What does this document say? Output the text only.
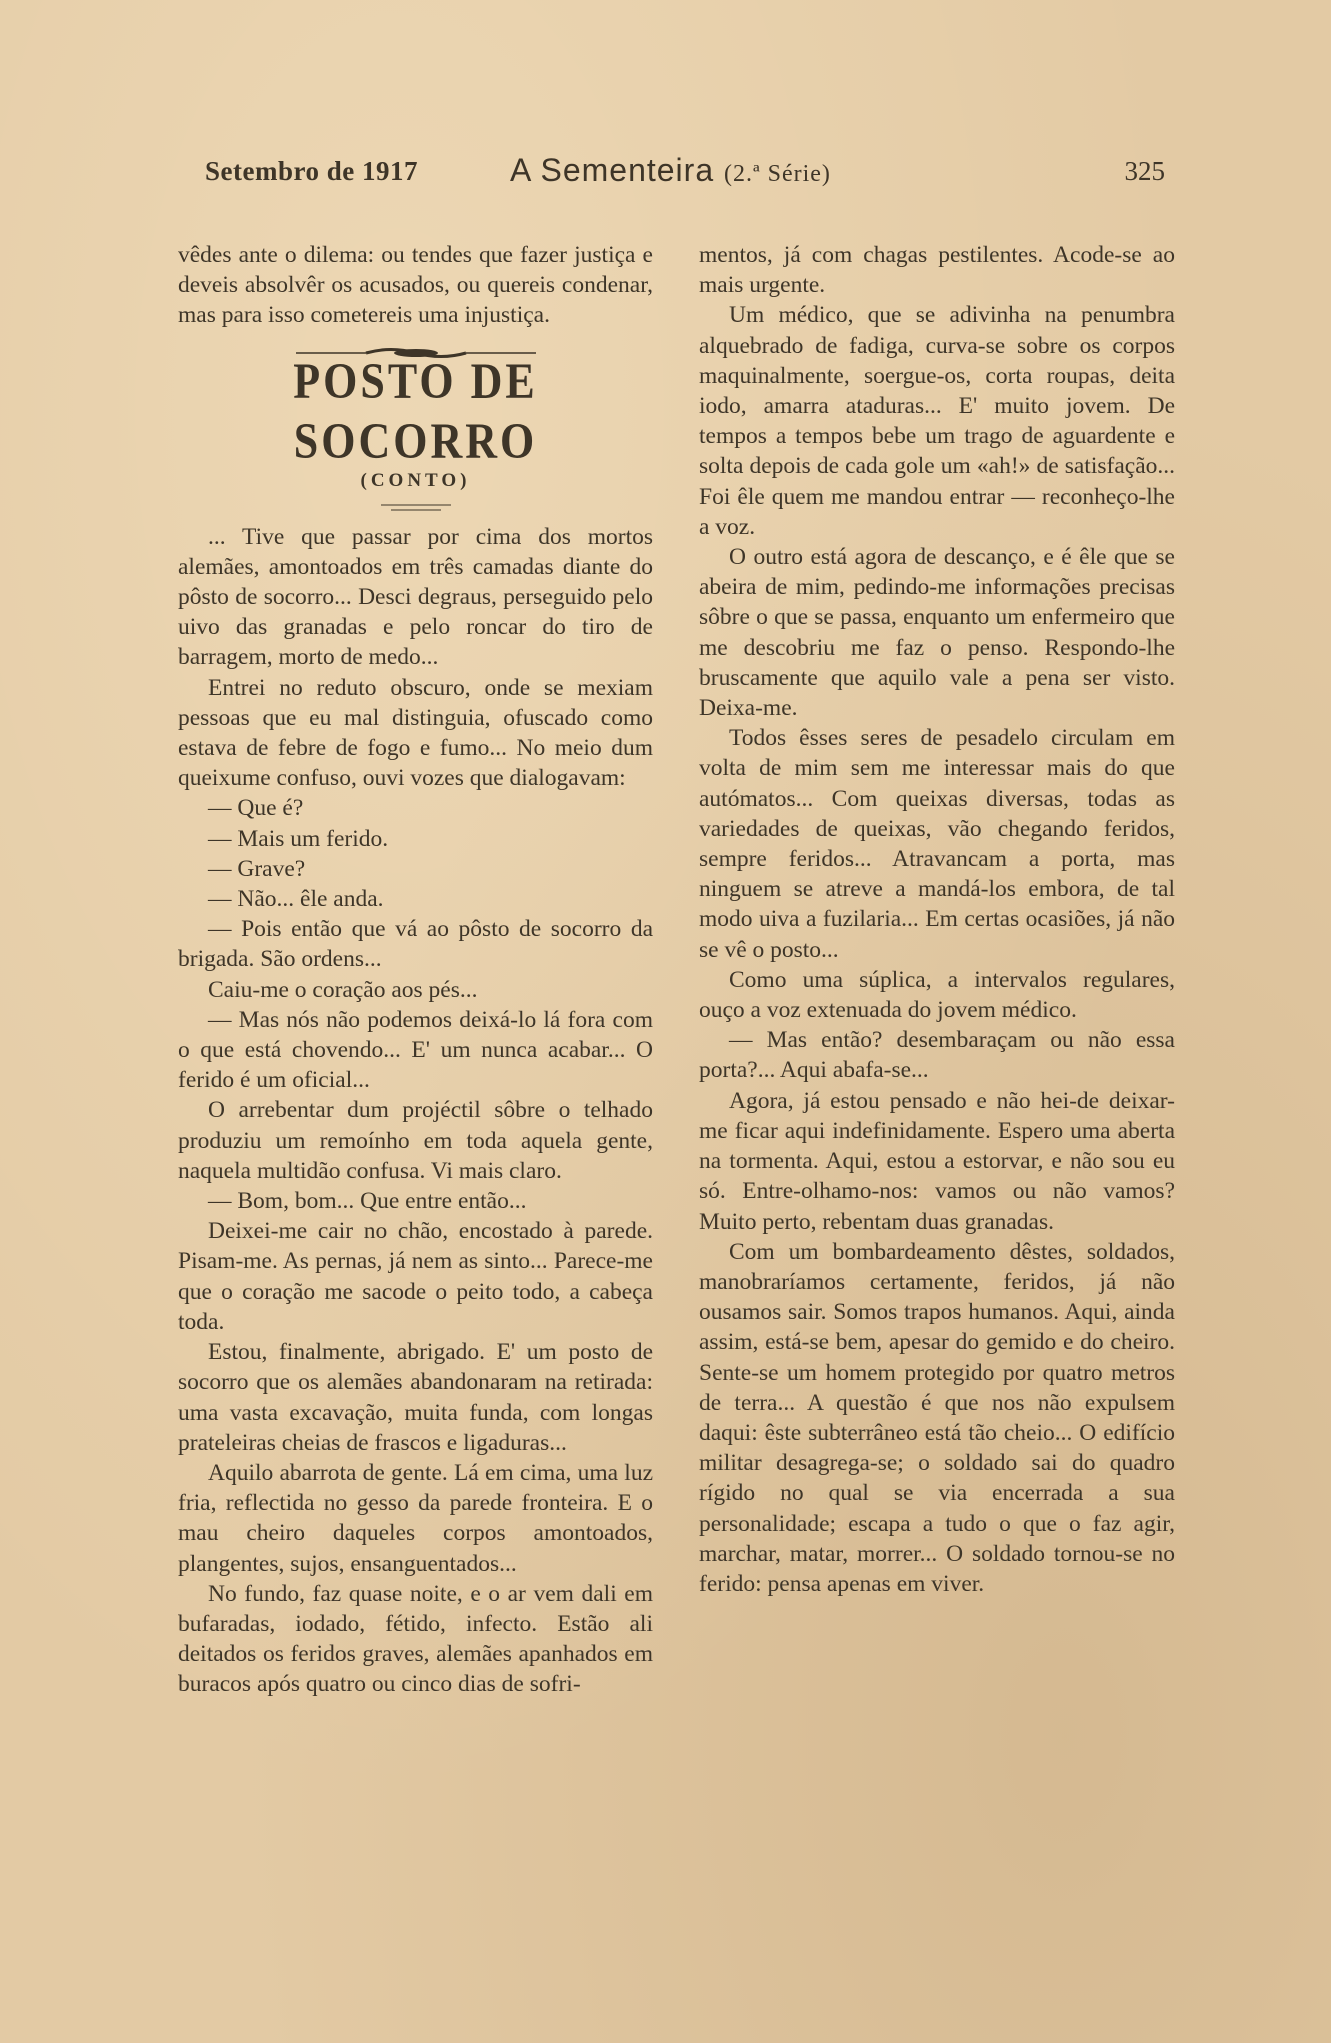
Setembro de 1917	A Sementeira (2.ª Série)	325

vêdes ante o dilema: ou tendes que fazer justiça e deveis absolvêr os acusados, ou quereis condenar, mas para isso cometereis uma injustiça.

POSTO DE SOCORRO
(CONTO)

... Tive que passar por cima dos mortos alemães, amontoados em três camadas diante do pôsto de socorro... Desci degraus, perseguido pelo uivo das granadas e pelo roncar do tiro de barragem, morto de medo...

Entrei no reduto obscuro, onde se mexiam pessoas que eu mal distinguia, ofuscado como estava de febre de fogo e fumo... No meio dum queixume confuso, ouvi vozes que dialogavam:

— Que é?

— Mais um ferido.

— Grave?

— Não... êle anda.

— Pois então que vá ao pôsto de socorro da brigada. São ordens...

Caiu-me o coração aos pés...

— Mas nós não podemos deixá-lo lá fora com o que está chovendo... E' um nunca acabar... O ferido é um oficial...

O arrebentar dum projéctil sôbre o telhado produziu um remoínho em toda aquela gente, naquela multidão confusa. Vi mais claro.

— Bom, bom... Que entre então...

Deixei-me cair no chão, encostado à parede. Pisam-me. As pernas, já nem as sinto... Parece-me que o coração me sacode o peito todo, a cabeça toda.

Estou, finalmente, abrigado. E' um posto de socorro que os alemães abandonaram na retirada: uma vasta excavação, muita funda, com longas prateleiras cheias de frascos e ligaduras...

Aquilo abarrota de gente. Lá em cima, uma luz fria, reflectida no gesso da parede fronteira. E o mau cheiro daqueles corpos amontoados, plangentes, sujos, ensanguentados...

No fundo, faz quase noite, e o ar vem dali em bufaradas, iodado, fétido, infecto. Estão ali deitados os feridos graves, alemães apanhados em buracos após quatro ou cinco dias de sofri-

mentos, já com chagas pestilentes. Acode-se ao mais urgente.

Um médico, que se adivinha na penumbra alquebrado de fadiga, curva-se sobre os corpos maquinalmente, soergue-os, corta roupas, deita iodo, amarra ataduras... E' muito jovem. De tempos a tempos bebe um trago de aguardente e solta depois de cada gole um «ah!» de satisfação... Foi êle quem me mandou entrar — reconheço-lhe a voz.

O outro está agora de descanço, e é êle que se abeira de mim, pedindo-me informações precisas sôbre o que se passa, enquanto um enfermeiro que me descobriu me faz o penso. Respondo-lhe bruscamente que aquilo vale a pena ser visto. Deixa-me.

Todos êsses seres de pesadelo circulam em volta de mim sem me interessar mais do que autómatos... Com queixas diversas, todas as variedades de queixas, vão chegando feridos, sempre feridos... Atravancam a porta, mas ninguem se atreve a mandá-los embora, de tal modo uiva a fuzilaria... Em certas ocasiões, já não se vê o posto...

Como uma súplica, a intervalos regulares, ouço a voz extenuada do jovem médico.

— Mas então? desembaraçam ou não essa porta?... Aqui abafa-se...

Agora, já estou pensado e não hei-de deixar-me ficar aqui indefinidamente. Espero uma aberta na tormenta. Aqui, estou a estorvar, e não sou eu só. Entre-olhamo-nos: vamos ou não vamos? Muito perto, rebentam duas granadas.

Com um bombardeamento dêstes, soldados, manobraríamos certamente, feridos, já não ousamos sair. Somos trapos humanos. Aqui, ainda assim, está-se bem, apesar do gemido e do cheiro. Sente-se um homem protegido por quatro metros de terra... A questão é que nos não expulsem daqui: êste subterrâneo está tão cheio... O edifício militar desagrega-se; o soldado sai do quadro rígido no qual se via encerrada a sua personalidade; escapa a tudo o que o faz agir, marchar, matar, morrer... O soldado tornou-se no ferido: pensa apenas em viver.
